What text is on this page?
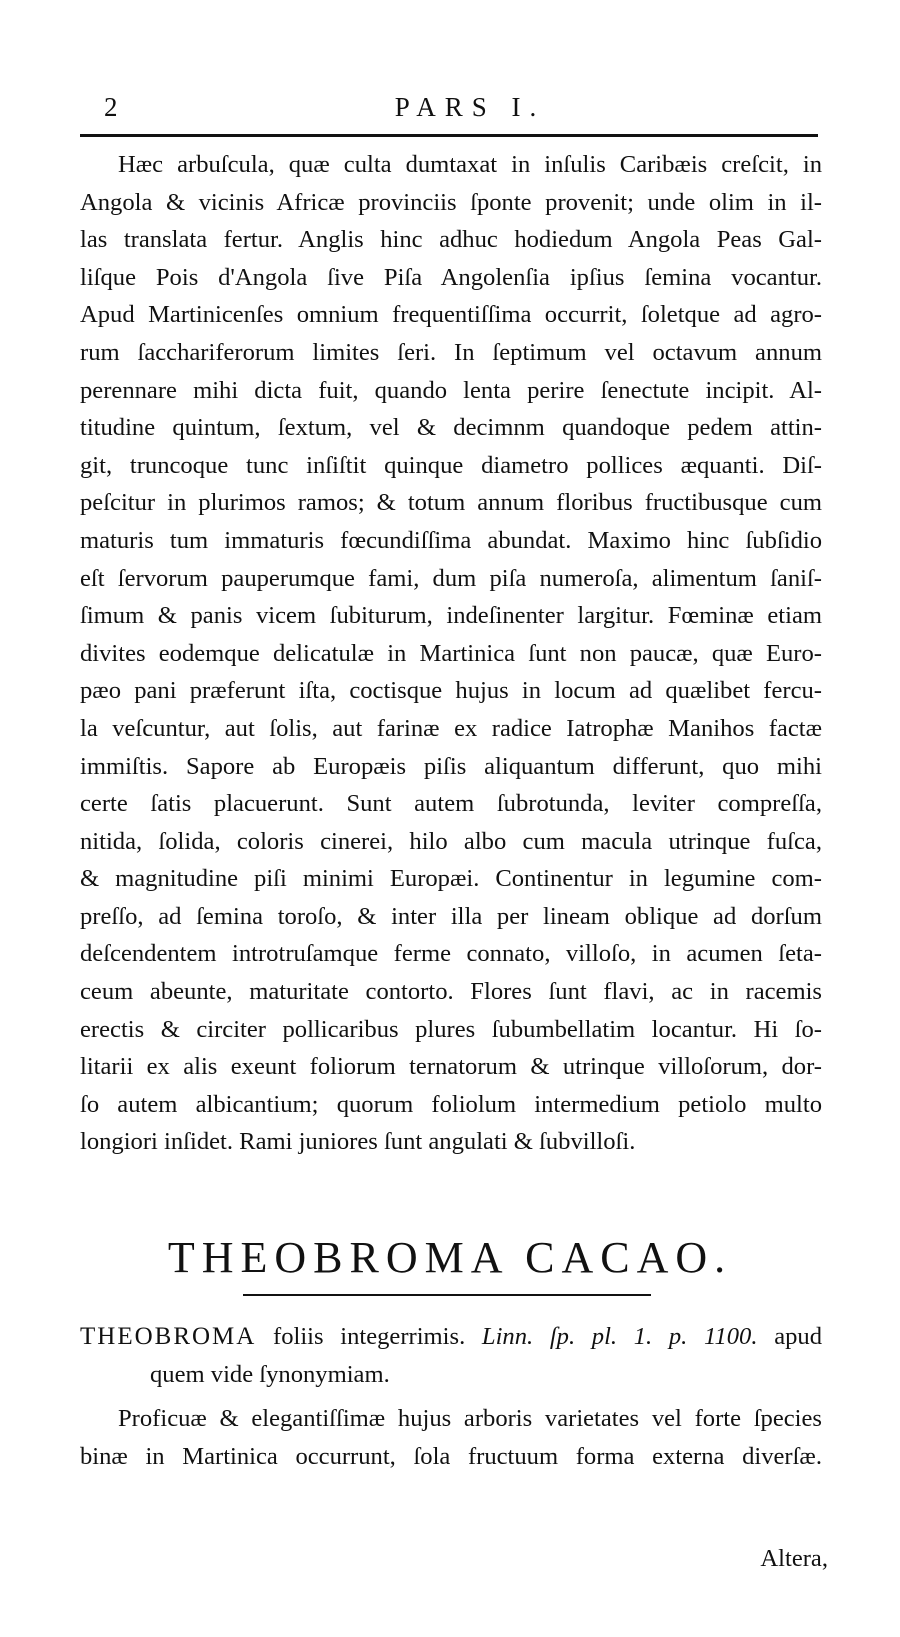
2	PARS I.
Hæc arbuſcula, quæ culta dumtaxat in inſulis Caribæis creſcit, in
Angola & vicinis Africæ provinciis ſponte provenit; unde olim in il-
las translata fertur. Anglis hinc adhuc hodiedum Angola Peas Gal-
liſque Pois d'Angola ſive Piſa Angolenſia ipſius ſemina vocantur.
Apud Martinicenſes omnium frequentiſſima occurrit, ſoletque ad agro-
rum ſacchariferorum limites ſeri. In ſeptimum vel octavum annum
perennare mihi dicta fuit, quando lenta perire ſenectute incipit. Al-
titudine quintum, ſextum, vel & decimnm quandoque pedem attin-
git, truncoque tunc inſiſtit quinque diametro pollices æquanti. Diſ-
peſcitur in plurimos ramos; & totum annum floribus fructibusque cum
maturis tum immaturis fœcundiſſima abundat. Maximo hinc ſubſidio
eſt ſervorum pauperumque fami, dum piſa numeroſa, alimentum ſaniſ-
ſimum & panis vicem ſubiturum, indeſinenter largitur. Fœminæ etiam
divites eodemque delicatulæ in Martinica ſunt non paucæ, quæ Euro-
pæo pani præferunt iſta, coctisque hujus in locum ad quælibet fercu-
la veſcuntur, aut ſolis, aut farinæ ex radice Iatrophæ Manihos factæ
immiſtis. Sapore ab Europæis piſis aliquantum differunt, quo mihi
certe ſatis placuerunt. Sunt autem ſubrotunda, leviter compreſſa,
nitida, ſolida, coloris cinerei, hilo albo cum macula utrinque fuſca,
& magnitudine piſi minimi Europæi. Continentur in legumine com-
preſſo, ad ſemina toroſo, & inter illa per lineam oblique ad dorſum
deſcendentem introtruſamque ferme connato, villoſo, in acumen ſeta-
ceum abeunte, maturitate contorto. Flores ſunt flavi, ac in racemis
erectis & circiter pollicaribus plures ſubumbellatim locantur. Hi ſo-
litarii ex alis exeunt foliorum ternatorum & utrinque villoſorum, dor-
ſo autem albicantium; quorum foliolum intermedium petiolo multo
longiori inſidet. Rami juniores ſunt angulati & ſubvilloſi.
THEOBROMA CACAO.
THEOBROMA foliis integerrimis. Linn. ſp. pl. 1. p. 1100. apud
quem vide ſynonymiam.
Proficuæ & elegantiſſimæ hujus arboris varietates vel forte ſpecies
binæ in Martinica occurrunt, ſola fructuum forma externa diverſæ.
Altera,
